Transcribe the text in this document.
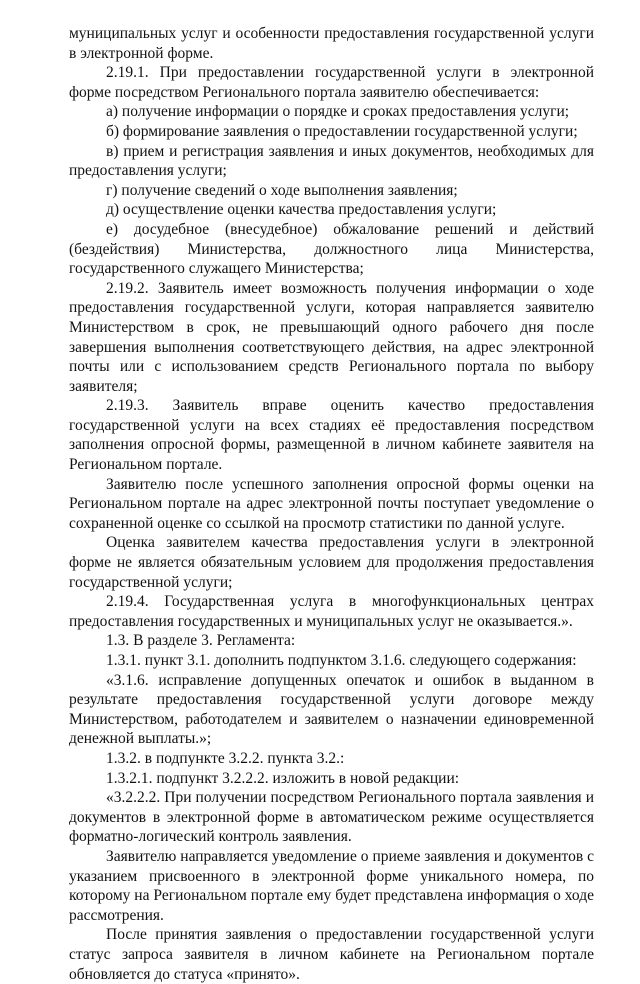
муниципальных услуг и особенности предоставления государственной услуги в электронной форме.

2.19.1. При предоставлении государственной услуги в электронной форме посредством Регионального портала заявителю обеспечивается:

а) получение информации о порядке и сроках предоставления услуги;

б) формирование заявления о предоставлении государственной услуги;

в) прием и регистрация заявления и иных документов, необходимых для предоставления услуги;

г) получение сведений о ходе выполнения заявления;

д) осуществление оценки качества предоставления услуги;

е) досудебное (внесудебное) обжалование решений и действий (бездействия) Министерства, должностного лица Министерства, государственного служащего Министерства;

2.19.2. Заявитель имеет возможность получения информации о ходе предоставления государственной услуги, которая направляется заявителю Министерством в срок, не превышающий одного рабочего дня после завершения выполнения соответствующего действия, на адрес электронной почты или с использованием средств Регионального портала по выбору заявителя;

2.19.3. Заявитель вправе оценить качество предоставления государственной услуги на всех стадиях её предоставления посредством заполнения опросной формы, размещенной в личном кабинете заявителя на Региональном портале.

Заявителю после успешного заполнения опросной формы оценки на Региональном портале на адрес электронной почты поступает уведомление о сохраненной оценке со ссылкой на просмотр статистики по данной услуге.

Оценка заявителем качества предоставления услуги в электронной форме не является обязательным условием для продолжения предоставления государственной услуги;

2.19.4. Государственная услуга в многофункциональных центрах предоставления государственных и муниципальных услуг не оказывается.».

1.3. В разделе 3. Регламента:

1.3.1. пункт 3.1. дополнить подпунктом 3.1.6. следующего содержания:

«3.1.6. исправление допущенных опечаток и ошибок в выданном в результате предоставления государственной услуги договоре между Министерством, работодателем и заявителем о назначении единовременной денежной выплаты.»;

1.3.2. в подпункте 3.2.2. пункта 3.2.:

1.3.2.1. подпункт 3.2.2.2. изложить в новой редакции:

«3.2.2.2. При получении посредством Регионального портала заявления и документов в электронной форме в автоматическом режиме осуществляется форматно-логический контроль заявления.

Заявителю направляется уведомление о приеме заявления и документов с указанием присвоенного в электронной форме уникального номера, по которому на Региональном портале ему будет представлена информация о ходе рассмотрения.

После принятия заявления о предоставлении государственной услуги статус запроса заявителя в личном кабинете на Региональном портале обновляется до статуса «принято».
